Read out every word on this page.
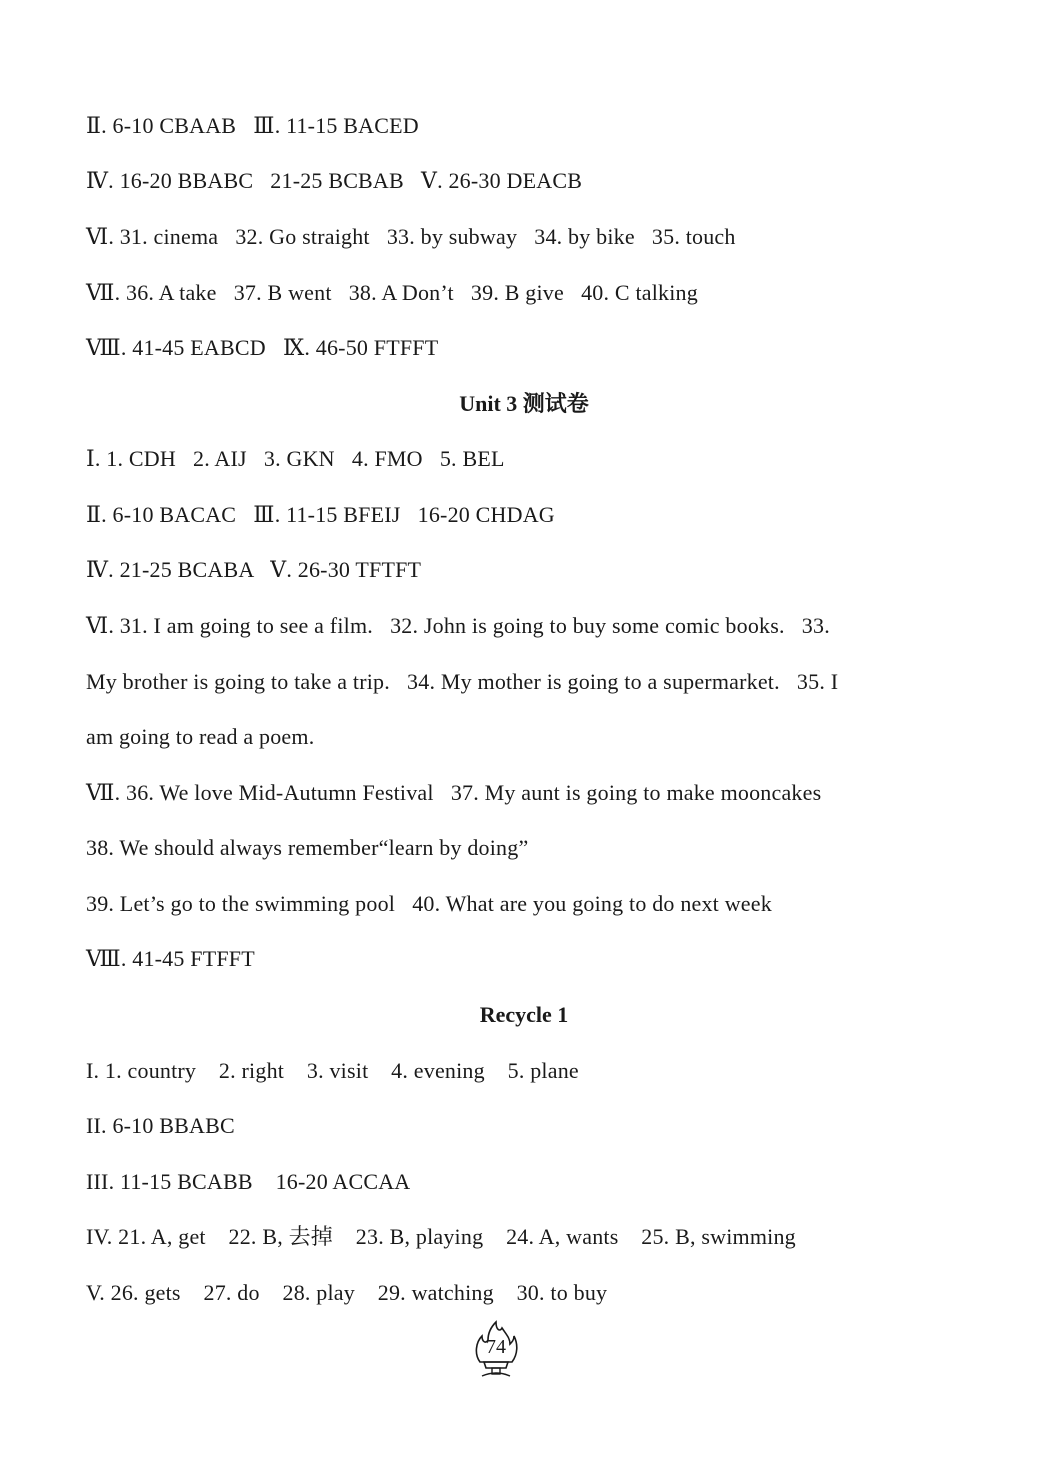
Ⅱ. 6-10 CBAAB   Ⅲ. 11-15 BACED
Ⅳ. 16-20 BBABC   21-25 BCBAB   Ⅴ. 26-30 DEACB
Ⅵ. 31. cinema   32. Go straight   33. by subway   34. by bike   35. touch
Ⅶ. 36. A take   37. B went   38. A Don’t   39. B give   40. C talking
Ⅷ. 41-45 EABCD   Ⅸ. 46-50 FTFFT
Unit 3 测试卷
Ⅰ. 1. CDH   2. AIJ   3. GKN   4. FMO   5. BEL
Ⅱ. 6-10 BACAC   Ⅲ. 11-15 BFEIJ   16-20 CHDAG
Ⅳ. 21-25 BCABA   Ⅴ. 26-30 TFTFT
Ⅵ. 31. I am going to see a film.   32. John is going to buy some comic books.   33.
My brother is going to take a trip.   34. My mother is going to a supermarket.   35. I
am going to read a poem.
Ⅶ. 36. We love Mid-Autumn Festival   37. My aunt is going to make mooncakes
38. We should always remember“learn by doing”
39. Let’s go to the swimming pool   40. What are you going to do next week
Ⅷ. 41-45 FTFFT
Recycle 1
I. 1. country    2. right    3. visit    4. evening    5. plane
II. 6-10 BBABC
III. 11-15 BCABB    16-20 ACCAA
IV. 21. A, get    22. B, 去掉    23. B, playing    24. A, wants    25. B, swimming
V. 26. gets    27. do    28. play    29. watching    30. to buy
74
